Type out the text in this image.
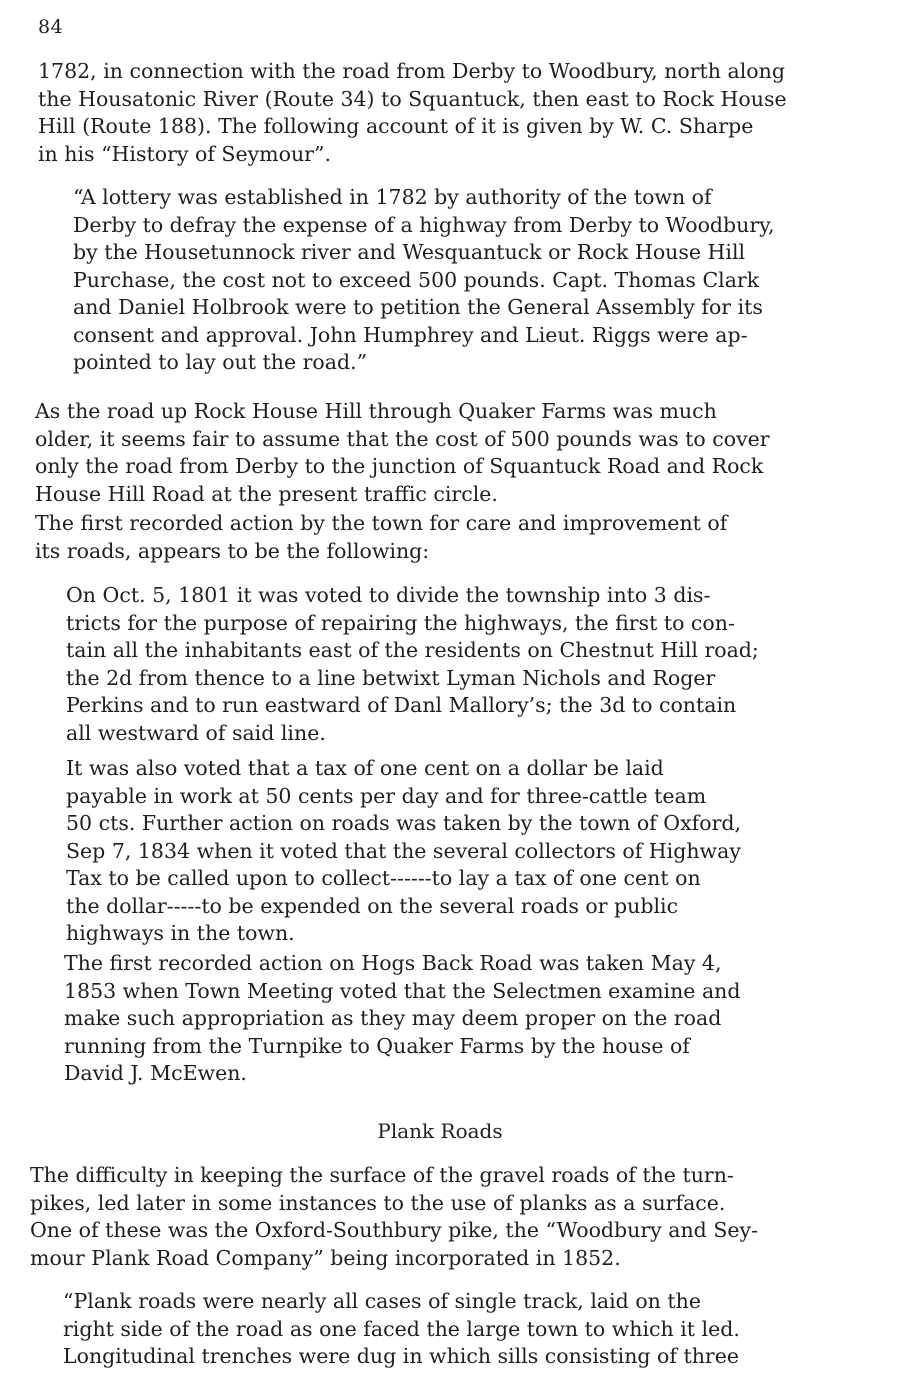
84

1782, in connection with the road from Derby to Woodbury, north along
the Housatonic River (Route 34) to Squantuck, then east to Rock House
Hill (Route 188). The following account of it is given by W. C. Sharpe
in his “History of Seymour”.

“A lottery was established in 1782 by authority of the town of
Derby to defray the expense of a highway from Derby to Woodbury,
by the Housetunnock river and Wesquantuck or Rock House Hill
Purchase, the cost not to exceed 500 pounds. Capt. Thomas Clark
and Daniel Holbrook were to petition the General Assembly for its
consent and approval. John Humphrey and Lieut. Riggs were ap-
pointed to lay out the road.”

As the road up Rock House Hill through Quaker Farms was much
older, it seems fair to assume that the cost of 500 pounds was to cover
only the road from Derby to the junction of Squantuck Road and Rock
House Hill Road at the present traffic circle.

The first recorded action by the town for care and improvement of
its roads, appears to be the following:

On Oct. 5, 1801 it was voted to divide the township into 3 dis-
tricts for the purpose of repairing the highways, the first to con-
tain all the inhabitants east of the residents on Chestnut Hill road;
the 2d from thence to a line betwixt Lyman Nichols and Roger
Perkins and to run eastward of Danl Mallory’s; the 3d to contain
all westward of said line.

It was also voted that a tax of one cent on a dollar be laid
payable in work at 50 cents per day and for three-cattle team
50 cts. Further action on roads was taken by the town of Oxford,
Sep 7, 1834 when it voted that the several collectors of Highway
Tax to be called upon to collect------to lay a tax of one cent on
the dollar-----to be expended on the several roads or public
highways in the town.

The first recorded action on Hogs Back Road was taken May 4,
1853 when Town Meeting voted that the Selectmen examine and
make such appropriation as they may deem proper on the road
running from the Turnpike to Quaker Farms by the house of
David J. McEwen.

Plank Roads

The difficulty in keeping the surface of the gravel roads of the turn-
pikes, led later in some instances to the use of planks as a surface.
One of these was the Oxford-Southbury pike, the “Woodbury and Sey-
mour Plank Road Company” being incorporated in 1852.

“Plank roads were nearly all cases of single track, laid on the
right side of the road as one faced the large town to which it led.
Longitudinal trenches were dug in which sills consisting of three
